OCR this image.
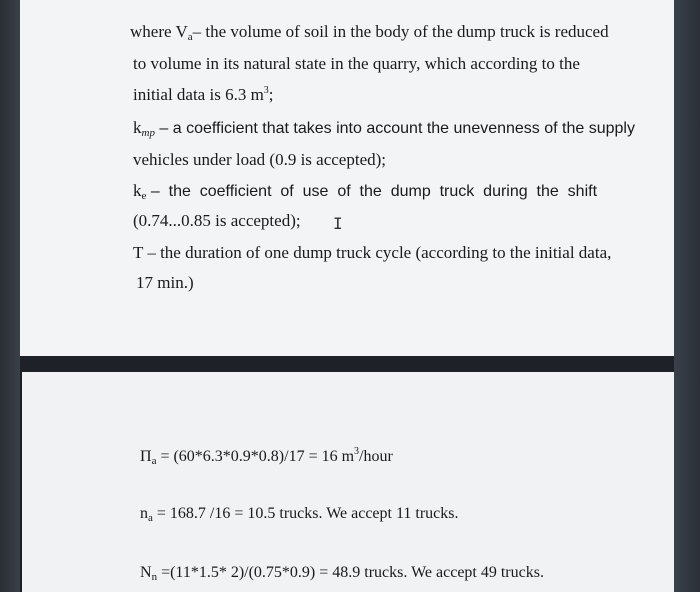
where $V_a-$ the volume of soil in the body of the dump truck is reduced
to volume in its natural state in the quarry, which according to the
initial data is 6.3 $m^3$;
$k_{mp}$ – a coefficient that takes into account the unevenness of the supply
vehicles under load (0.9 is accepted);
$k_e$ –  the  coefficient  of  use  of  the  dump  truck  during  the  shift
(0.74...0.85 is accepted); I
T – the duration of one dump truck cycle (according to the initial data,
17 min.)
$П_a = (60*6.3*0.9*0.8)/17 = 16$ $m^3$/hour
$n_a = 168.7$ /16 = 10.5 trucks. We accept 11 trucks.
$N_n =(11*1.5*$ 2)/(0.75*0.9) = 48.9 trucks. We accept 49 trucks.
